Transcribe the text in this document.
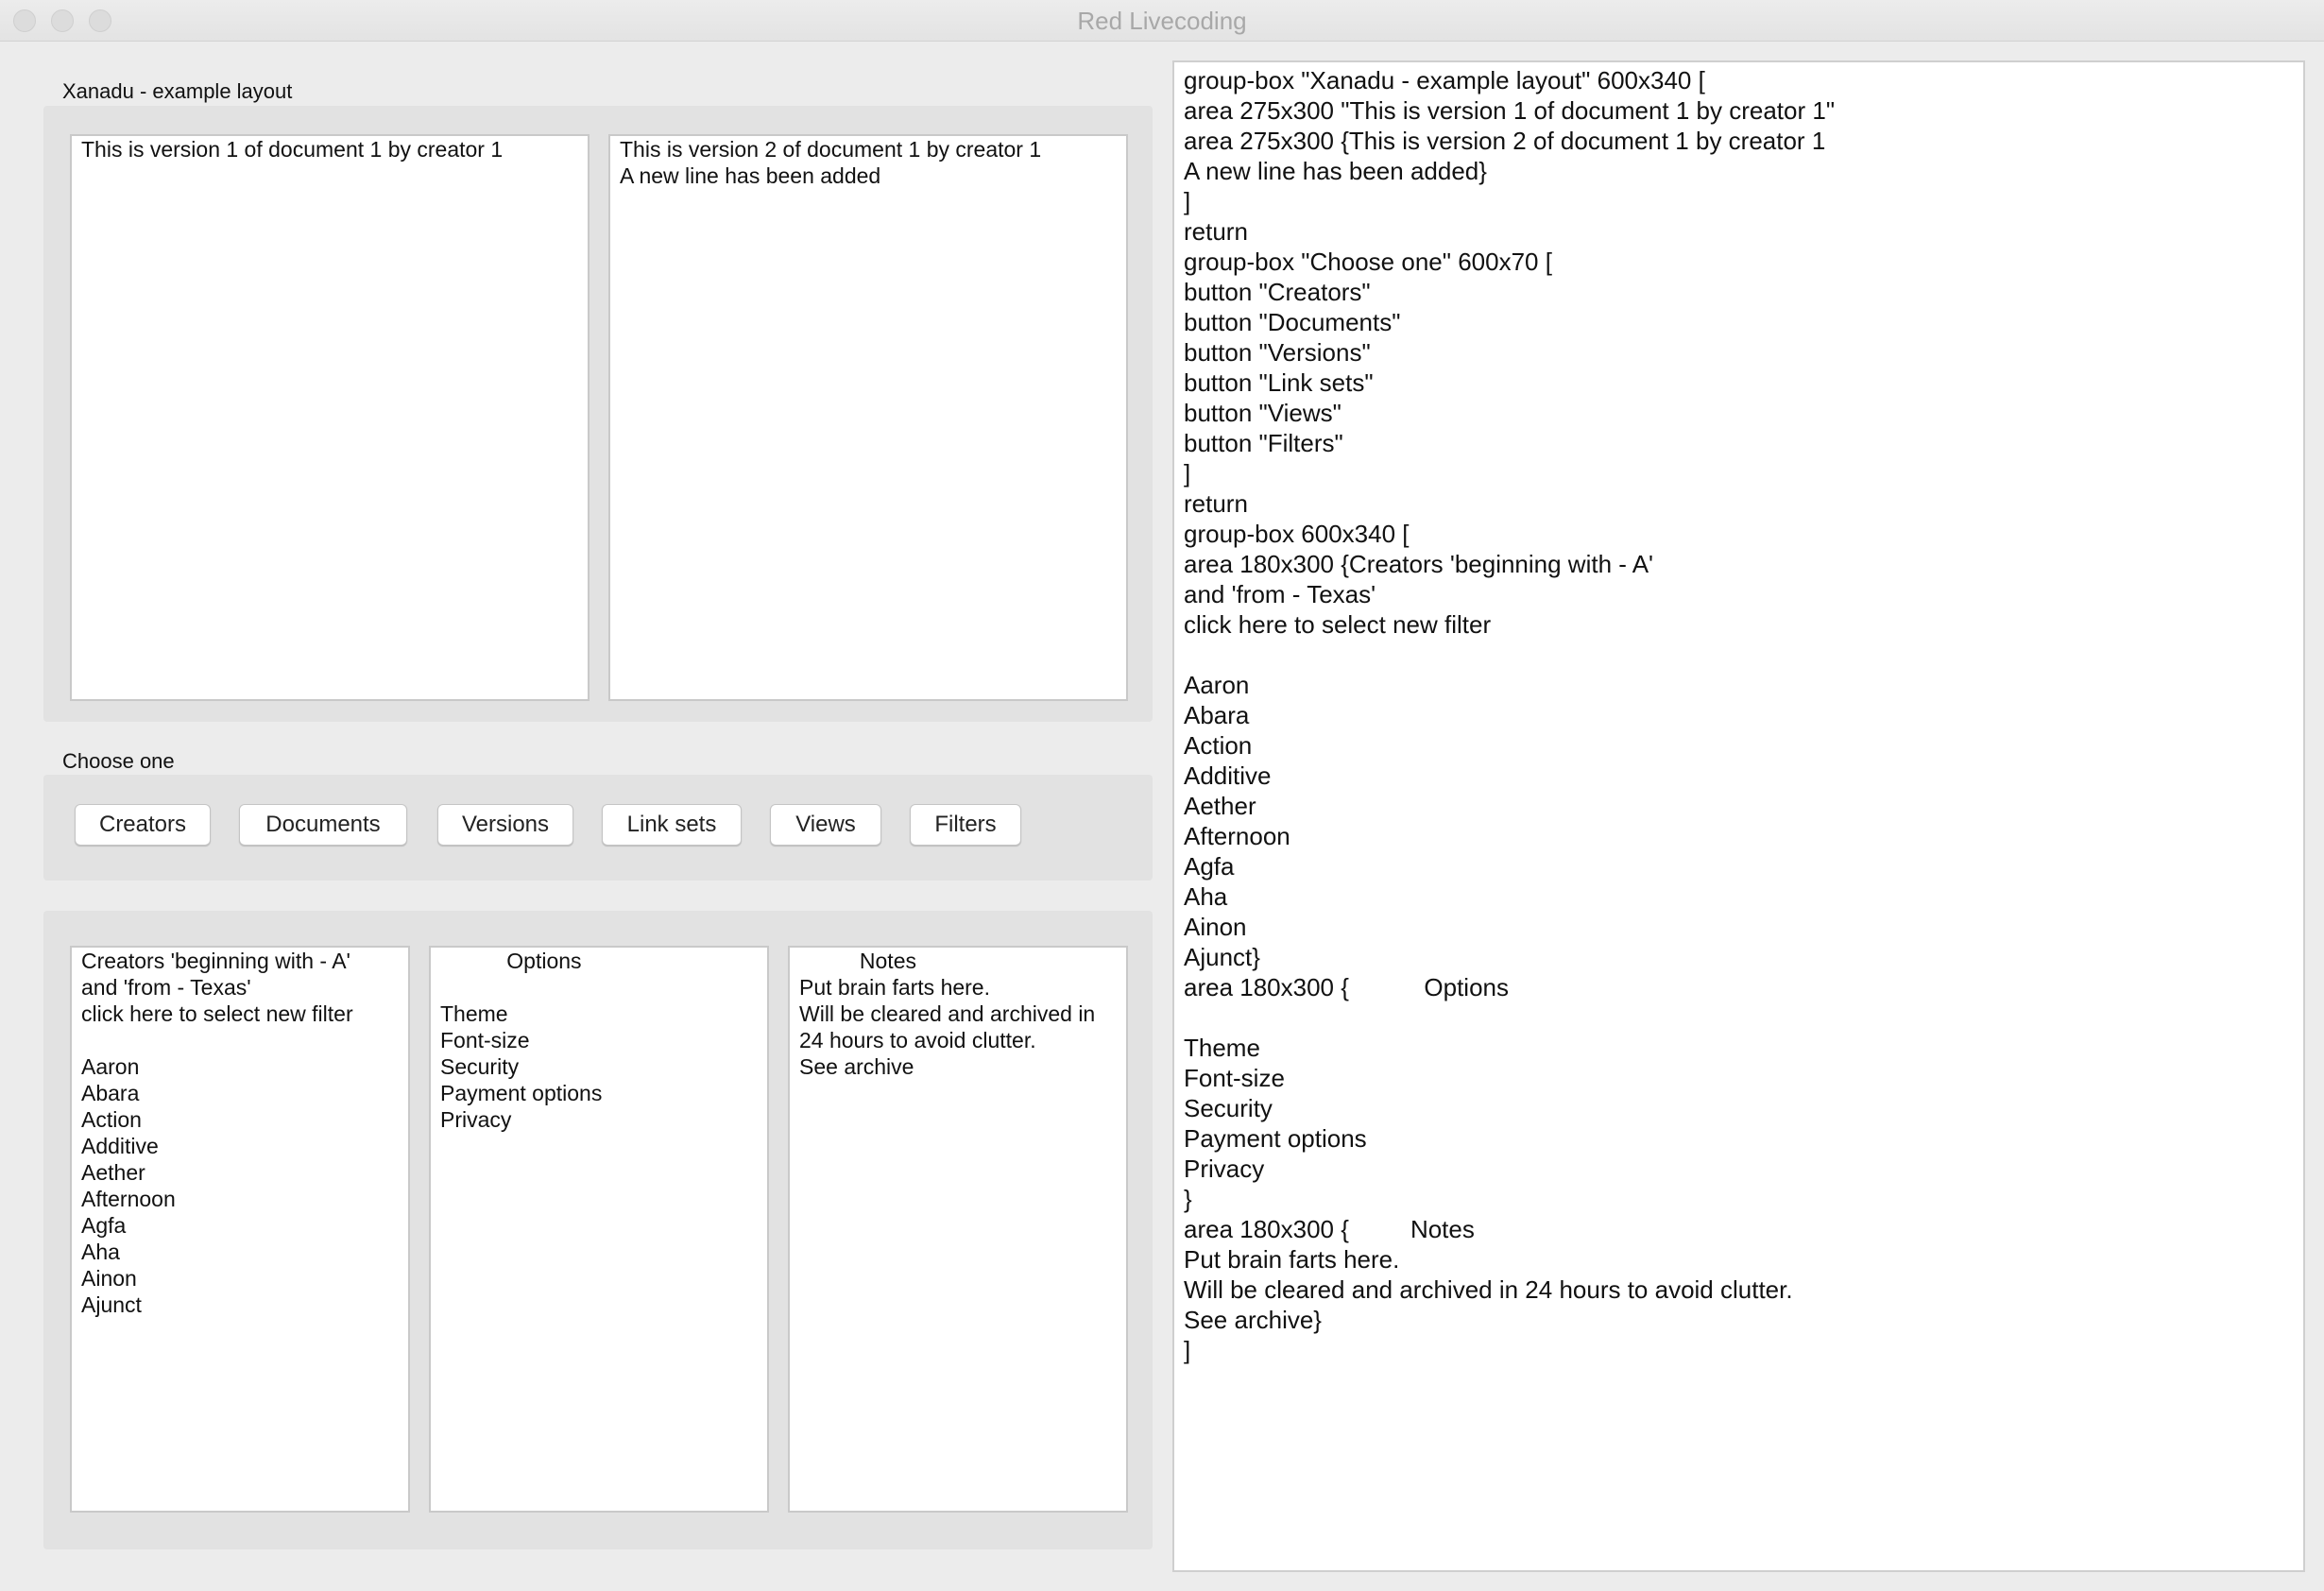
Red Livecoding
Xanadu - example layout
This is version 1 of document 1 by creator 1	This is version 2 of document 1 by creator 1
A new line has been added
Choose one
Creators	Documents	Versions	Link sets	Views	Filters
Creators 'beginning with - A'
and 'from - Texas'
click here to select new filter

Aaron
Abara
Action
Additive
Aether
Afternoon
Agfa
Aha
Ainon
Ajunct
Options

Theme
Font-size
Security
Payment options
Privacy
Notes
Put brain farts here.
Will be cleared and archived in
24 hours to avoid clutter.
See archive
group-box "Xanadu - example layout" 600x340 [
area 275x300 "This is version 1 of document 1 by creator 1"
area 275x300 {This is version 2 of document 1 by creator 1
A new line has been added}
]
return
group-box "Choose one" 600x70 [
button "Creators"
button "Documents"
button "Versions"
button "Link sets"
button "Views"
button "Filters"
]
return
group-box 600x340 [
area 180x300 {Creators 'beginning with - A'
and 'from - Texas'
click here to select new filter

Aaron
Abara
Action
Additive
Aether
Afternoon
Agfa
Aha
Ainon
Ajunct}
area 180x300 {           Options

Theme
Font-size
Security
Payment options
Privacy
}
area 180x300 {         Notes
Put brain farts here.
Will be cleared and archived in 24 hours to avoid clutter.
See archive}
]
